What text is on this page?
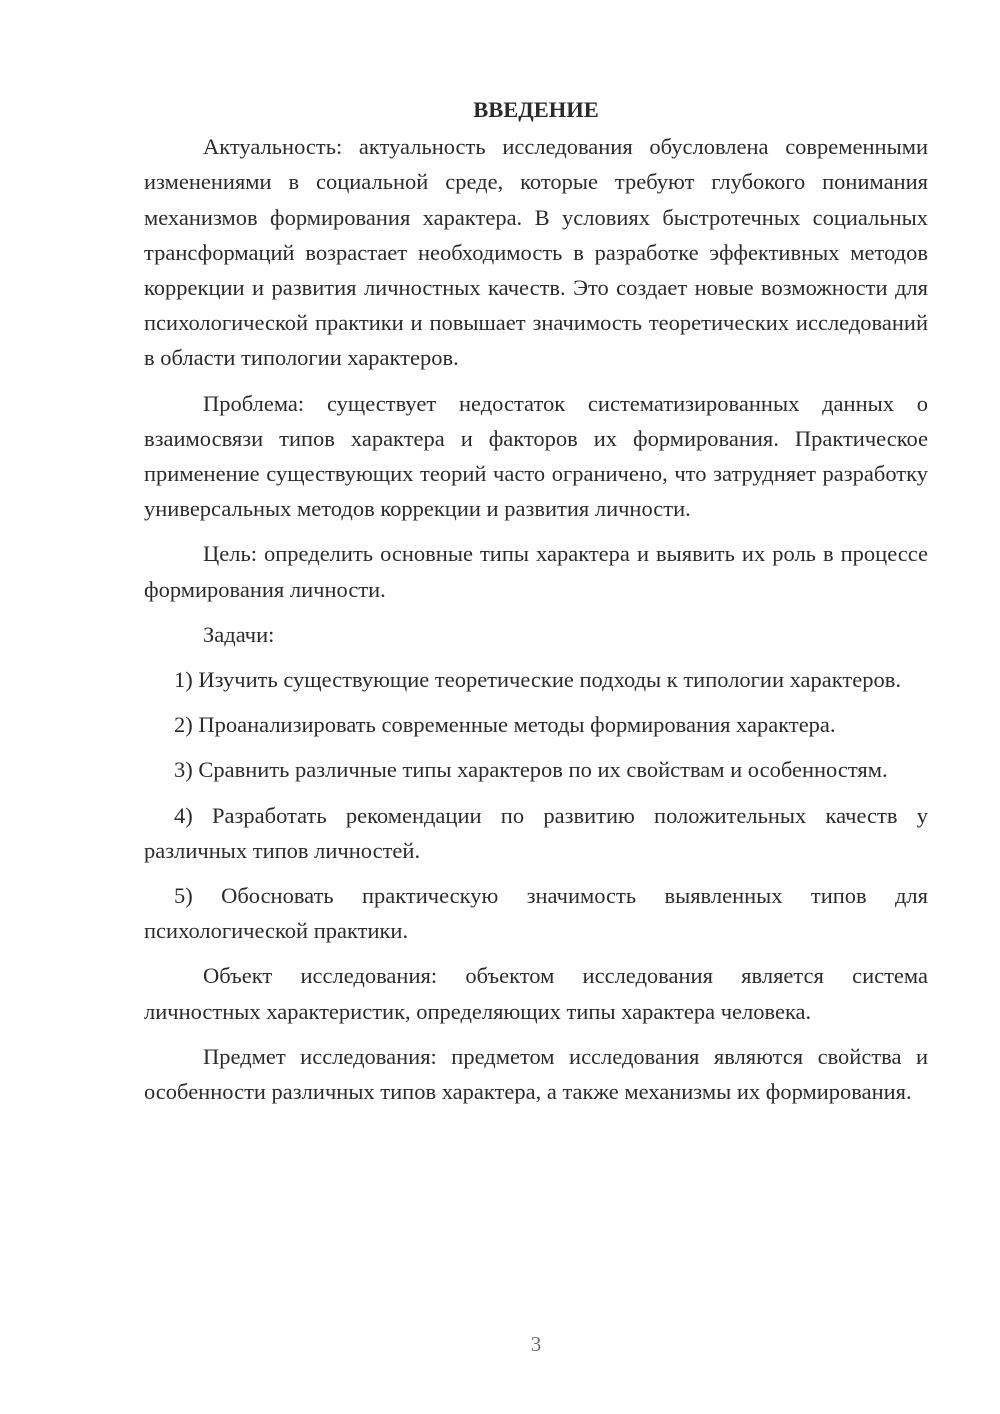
ВВЕДЕНИЕ

Актуальность: актуальность исследования обусловлена современными изменениями в социальной среде, которые требуют глубокого понимания механизмов формирования характера. В условиях быстротечных социальных трансформаций возрастает необходимость в разработке эффективных методов коррекции и развития личностных качеств. Это создает новые возможности для психологической практики и повышает значимость теоретических исследований в области типологии характеров.

Проблема: существует недостаток систематизированных данных о взаимосвязи типов характера и факторов их формирования. Практическое применение существующих теорий часто ограничено, что затрудняет разработку универсальных методов коррекции и развития личности.

Цель: определить основные типы характера и выявить их роль в процессе формирования личности.

Задачи:

1) Изучить существующие теоретические подходы к типологии характеров.

2) Проанализировать современные методы формирования характера.

3) Сравнить различные типы характеров по их свойствам и особенностям.

4) Разработать рекомендации по развитию положительных качеств у различных типов личностей.

5) Обосновать практическую значимость выявленных типов для психологической практики.

Объект исследования: объектом исследования является система личностных характеристик, определяющих типы характера человека.

Предмет исследования: предметом исследования являются свойства и особенности различных типов характера, а также механизмы их формирования.

3
